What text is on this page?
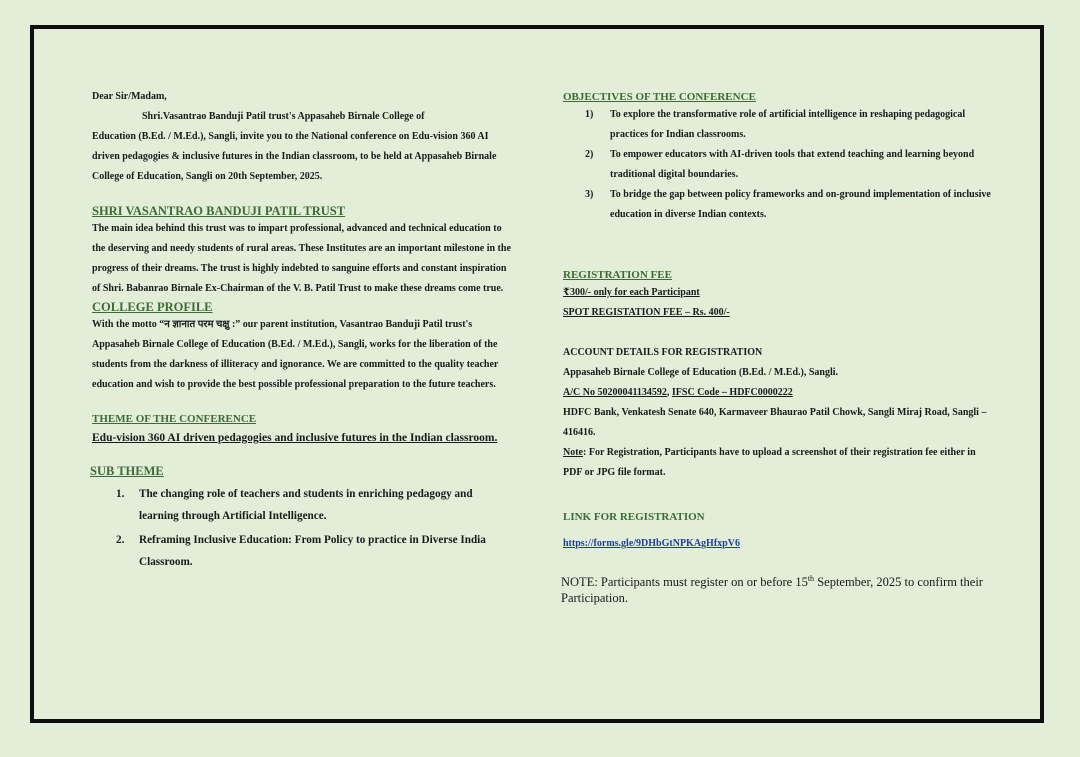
Dear Sir/Madam,

Shri.Vasantrao Banduji Patil trust's Appasaheb Birnale College of
Education (B.Ed. / M.Ed.), Sangli, invite you to the National conference on Edu-vision 360 AI driven pedagogies & inclusive futures in the Indian classroom, to be held at Appasaheb Birnale College of Education, Sangli on 20th September, 2025.

SHRI VASANTRAO BANDUJI PATIL TRUST

The main idea behind this trust was to impart professional, advanced and technical education to the deserving and needy students of rural areas. These Institutes are an important milestone in the progress of their dreams. The trust is highly indebted to sanguine efforts and constant inspiration of Shri. Babanrao Birnale Ex-Chairman of the V. B. Patil Trust to make these dreams come true.

COLLEGE PROFILE

With the motto “न ज्ञानात परम चक्षु :” our parent institution, Vasantrao Banduji Patil trust's Appasaheb Birnale College of Education (B.Ed. / M.Ed.), Sangli, works for the liberation of the students from the darkness of illiteracy and ignorance. We are committed to the quality teacher education and wish to provide the best possible professional preparation to the future teachers.

THEME OF THE CONFERENCE

Edu-vision 360 AI driven pedagogies and inclusive futures in the Indian classroom.

SUB THEME

1. The changing role of teachers and students in enriching pedagogy and learning through Artificial Intelligence.
2. Reframing Inclusive Education: From Policy to practice in Diverse India Classroom.

OBJECTIVES OF THE CONFERENCE

1) To explore the transformative role of artificial intelligence in reshaping pedagogical practices for Indian classrooms.
2) To empower educators with AI-driven tools that extend teaching and learning beyond traditional digital boundaries.
3) To bridge the gap between policy frameworks and on-ground implementation of inclusive education in diverse Indian contexts.

REGISTRATION FEE

₹300/- only for each Participant

SPOT REGISTATION FEE – Rs. 400/-

ACCOUNT DETAILS FOR REGISTRATION

Appasaheb Birnale College of Education (B.Ed. / M.Ed.), Sangli.

A/C No 50200041134592, IFSC Code – HDFC0000222

HDFC Bank, Venkatesh Senate 640, Karmaveer Bhaurao Patil Chowk, Sangli Miraj Road, Sangli – 416416.

Note: For Registration, Participants have to upload a screenshot of their registration fee either in PDF or JPG file format.

LINK FOR REGISTRATION

https://forms.gle/9DHbGtNPKAgHfxpV6

NOTE: Participants must register on or before 15th September, 2025 to confirm their Participation.
